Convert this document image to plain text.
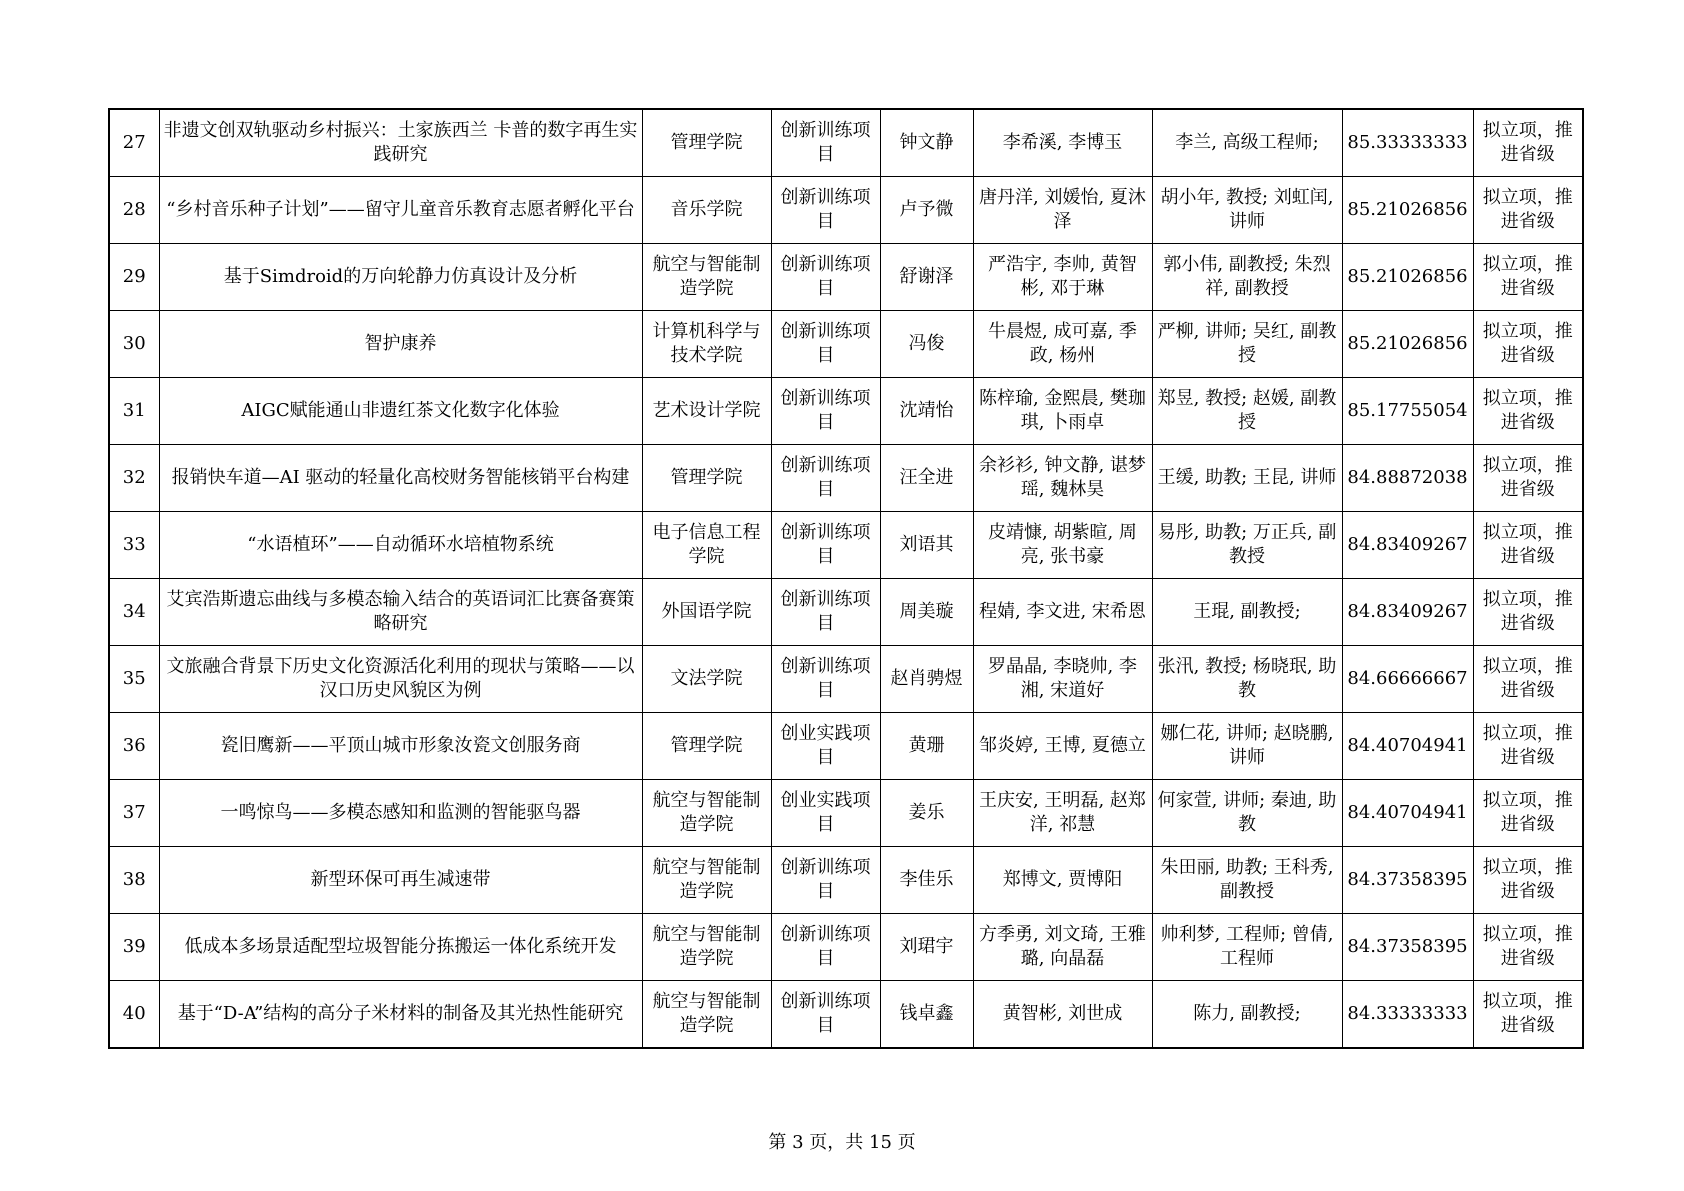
27	非遗文创双轨驱动乡村振兴：土家族西兰 卡普的数字再生实践研究	管理学院	创新训练项目	钟文静	李希溪, 李博玉	李兰, 高级工程师;	85.33333333	拟立项，推进省级
28	“乡村音乐种子计划”——留守儿童音乐教育志愿者孵化平台	音乐学院	创新训练项目	卢予微	唐丹洋, 刘媛怡, 夏沐泽	胡小年, 教授; 刘虹闰, 讲师	85.21026856	拟立项，推进省级
29	基于Simdroid的万向轮静力仿真设计及分析	航空与智能制造学院	创新训练项目	舒谢泽	严浩宇, 李帅, 黄智彬, 邓于琳	郭小伟, 副教授; 朱烈祥, 副教授	85.21026856	拟立项，推进省级
30	智护康养	计算机科学与技术学院	创新训练项目	冯俊	牛晨煜, 成可嘉, 季政, 杨州	严柳, 讲师; 吴红, 副教授	85.21026856	拟立项，推进省级
31	AIGC赋能通山非遗红茶文化数字化体验	艺术设计学院	创新训练项目	沈靖怡	陈梓瑜, 金熙晨, 樊珈琪, 卜雨卓	郑昱, 教授; 赵媛, 副教授	85.17755054	拟立项，推进省级
32	报销快车道—AI 驱动的轻量化高校财务智能核销平台构建	管理学院	创新训练项目	汪全进	余衫衫, 钟文静, 谌梦瑶, 魏林昊	王缓, 助教; 王昆, 讲师	84.88872038	拟立项，推进省级
33	“水语植环”——自动循环水培植物系统	电子信息工程学院	创新训练项目	刘语其	皮靖慷, 胡紫暄, 周亮, 张书豪	易彤, 助教; 万正兵, 副教授	84.83409267	拟立项，推进省级
34	艾宾浩斯遗忘曲线与多模态输入结合的英语词汇比赛备赛策略研究	外国语学院	创新训练项目	周美璇	程婧, 李文进, 宋希恩	王琨, 副教授;	84.83409267	拟立项，推进省级
35	文旅融合背景下历史文化资源活化利用的现状与策略——以汉口历史风貌区为例	文法学院	创新训练项目	赵肖骋煜	罗晶晶, 李晓帅, 李湘, 宋道好	张汛, 教授; 杨晓珉, 助教	84.66666667	拟立项，推进省级
36	瓷旧鹰新——平顶山城市形象汝瓷文创服务商	管理学院	创业实践项目	黄珊	邹炎婷, 王博, 夏德立	娜仁花, 讲师; 赵晓鹏, 讲师	84.40704941	拟立项，推进省级
37	一鸣惊鸟——多模态感知和监测的智能驱鸟器	航空与智能制造学院	创业实践项目	姜乐	王庆安, 王明磊, 赵郑洋, 祁慧	何家萱, 讲师; 秦迪, 助教	84.40704941	拟立项，推进省级
38	新型环保可再生减速带	航空与智能制造学院	创新训练项目	李佳乐	郑博文, 贾博阳	朱田丽, 助教; 王科秀, 副教授	84.37358395	拟立项，推进省级
39	低成本多场景适配型垃圾智能分拣搬运一体化系统开发	航空与智能制造学院	创新训练项目	刘珺宇	方季勇, 刘文琦, 王雅璐, 向晶磊	帅利梦, 工程师; 曾倩, 工程师	84.37358395	拟立项，推进省级
40	基于“D-A”结构的高分子米材料的制备及其光热性能研究	航空与智能制造学院	创新训练项目	钱卓鑫	黄智彬, 刘世成	陈力, 副教授;	84.33333333	拟立项，推进省级
第 3 页，共 15 页
